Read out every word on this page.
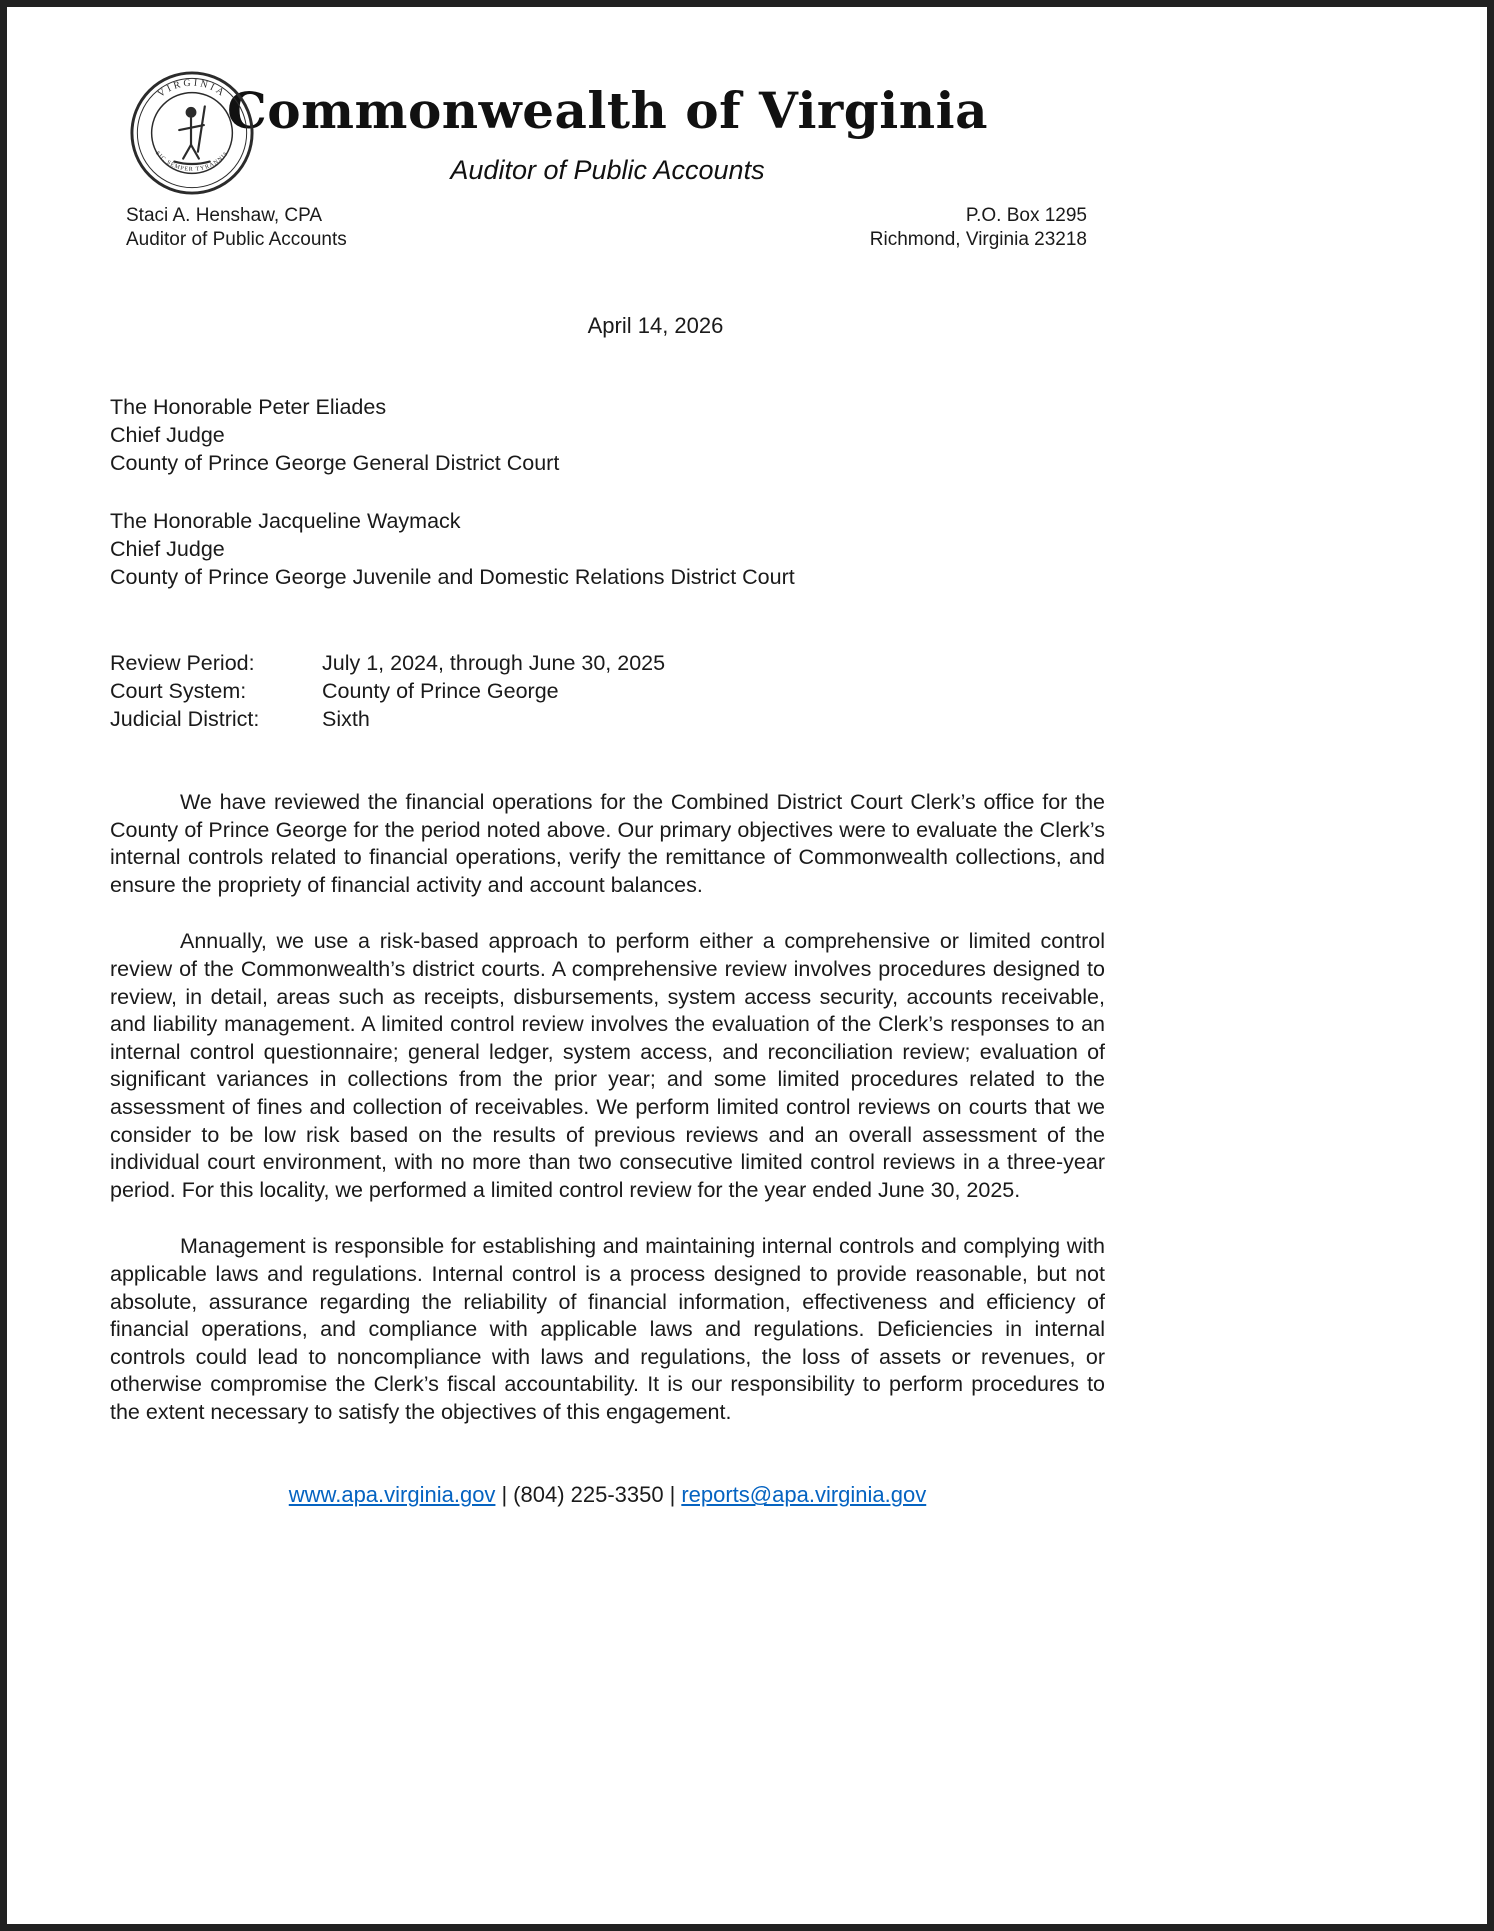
VIRGINIA
SIC SEMPER TYRANNIS
Commonwealth of Virginia
Auditor of Public Accounts
Staci A. Henshaw, CPA
Auditor of Public Accounts
P.O. Box 1295
Richmond, Virginia 23218
April 14, 2026
The Honorable Peter Eliades
Chief Judge
County of Prince George General District Court
The Honorable Jacqueline Waymack
Chief Judge
County of Prince George Juvenile and Domestic Relations District Court
Review Period:	July 1, 2024, through June 30, 2025
Court System:	County of Prince George
Judicial District:	Sixth

We have reviewed the financial operations for the Combined District Court Clerk’s office for the County of Prince George for the period noted above. Our primary objectives were to evaluate the Clerk’s internal controls related to financial operations, verify the remittance of Commonwealth collections, and ensure the propriety of financial activity and account balances.

Annually, we use a risk-based approach to perform either a comprehensive or limited control review of the Commonwealth’s district courts. A comprehensive review involves procedures designed to review, in detail, areas such as receipts, disbursements, system access security, accounts receivable, and liability management. A limited control review involves the evaluation of the Clerk’s responses to an internal control questionnaire; general ledger, system access, and reconciliation review; evaluation of significant variances in collections from the prior year; and some limited procedures related to the assessment of fines and collection of receivables. We perform limited control reviews on courts that we consider to be low risk based on the results of previous reviews and an overall assessment of the individual court environment, with no more than two consecutive limited control reviews in a three-year period. For this locality, we performed a limited control review for the year ended June 30, 2025.

Management is responsible for establishing and maintaining internal controls and complying with applicable laws and regulations. Internal control is a process designed to provide reasonable, but not absolute, assurance regarding the reliability of financial information, effectiveness and efficiency of financial operations, and compliance with applicable laws and regulations. Deficiencies in internal controls could lead to noncompliance with laws and regulations, the loss of assets or revenues, or otherwise compromise the Clerk’s fiscal accountability. It is our responsibility to perform procedures to the extent necessary to satisfy the objectives of this engagement.

www.apa.virginia.gov | (804) 225-3350 | reports@apa.virginia.gov
